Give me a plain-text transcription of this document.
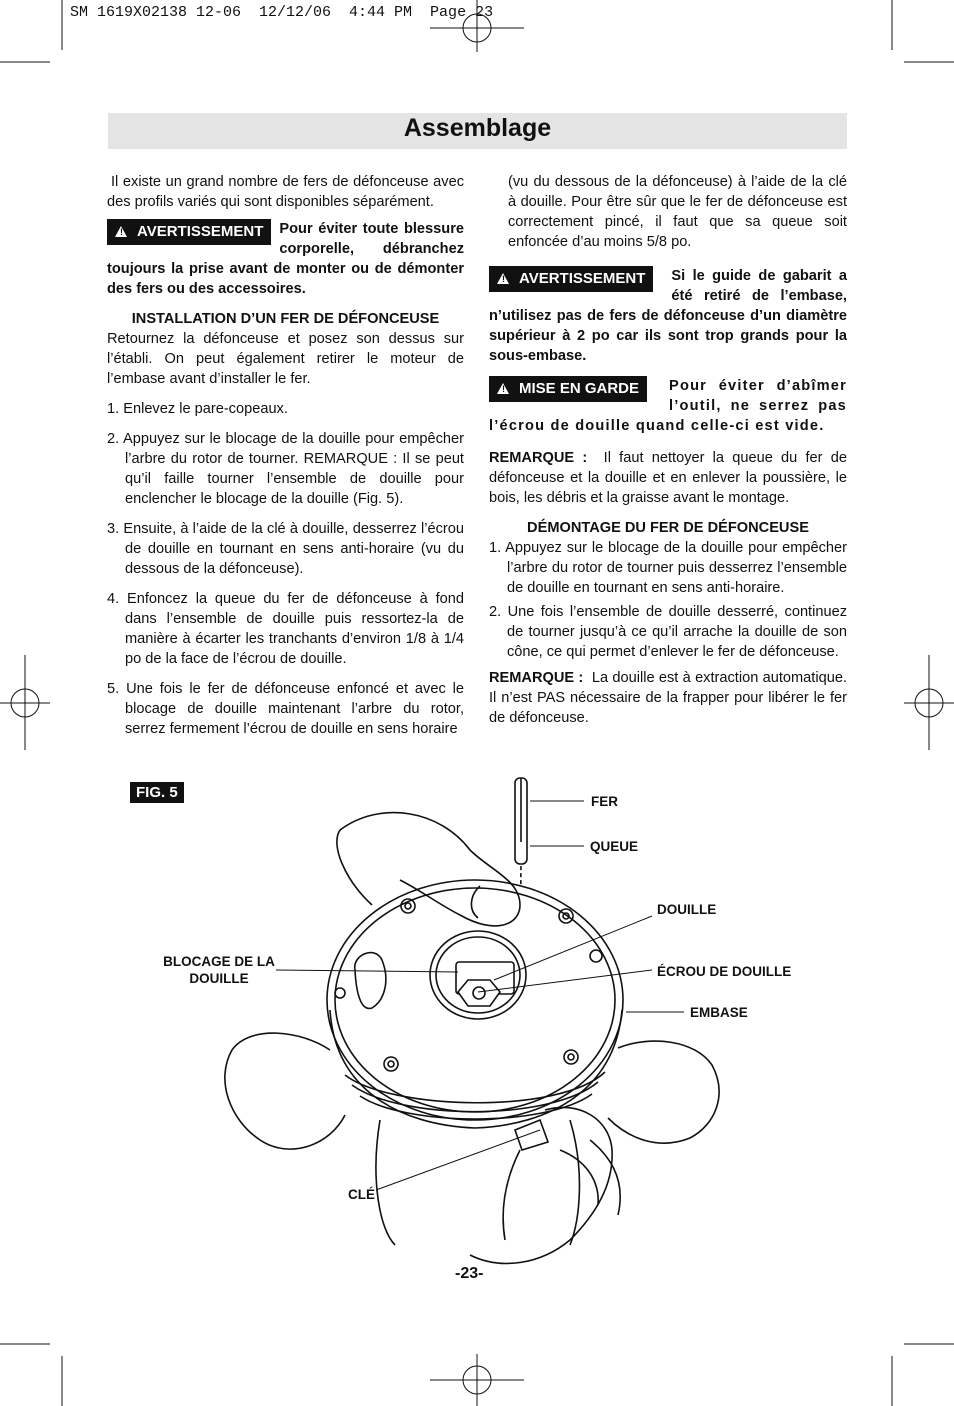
SM 1619X02138 12-06  12/12/06  4:44 PM  Page 23
Assemblage

Il existe un grand nombre de fers de défonceuse avec des profils variés qui sont disponibles séparément.

! AVERTISSEMENT	Pour éviter toute blessure corporelle, débranchez toujours la prise avant de monter ou de démonter des fers ou des accessoires.

INSTALLATION D’UN FER DE DÉFONCEUSE

Retournez la défonceuse et posez son dessus sur l’établi. On peut également retirer le moteur de l’embase avant d’installer le fer.

1. Enlevez le pare-copeaux.

2. Appuyez sur le blocage de la douille pour empêcher l’arbre du rotor de tourner. REMARQUE : Il se peut qu’il faille tourner l’ensemble de douille pour enclencher le blocage de la douille (Fig. 5).

3. Ensuite, à l’aide de la clé à douille, desserrez l’écrou de douille en tournant en sens anti-horaire (vu du dessous de la défonceuse).

4. Enfoncez la queue du fer de défonceuse à fond dans l’ensemble de douille puis ressortez-la de manière à écarter les tranchants d’environ 1/8 à 1/4 po de la face de l’écrou de douille.

5. Une fois le fer de défonceuse enfoncé et avec le blocage de douille maintenant l’arbre du rotor, serrez fermement l’écrou de douille en sens horaire

(vu du dessous de la défonceuse) à l’aide de la clé à douille. Pour être sûr que le fer de défonceuse est correctement pincé, il faut que sa queue soit enfoncée d’au moins 5/8 po.

! AVERTISSEMENT	Si le guide de gabarit a été retiré de l’embase, n’utilisez pas de fers de défonceuse d’un diamètre supérieur à 2 po car ils sont trop grands pour la sous-embase.
! MISE EN GARDE	Pour éviter d’abîmer l’outil, ne serrez pas l’écrou de douille quand celle-ci est vide.

REMARQUE : Il faut nettoyer la queue du fer de défonceuse et la douille et en enlever la poussière, le bois, les débris et la graisse avant le montage.

DÉMONTAGE DU FER DE DÉFONCEUSE

1. Appuyez sur le blocage de la douille pour empêcher l’arbre du rotor de tourner puis desserrez l’ensemble de douille en tournant en sens anti-horaire.

2. Une fois l’ensemble de douille desserré, continuez de tourner jusqu’à ce qu’il arrache la douille de son cône, ce qui permet d’enlever le fer de défonceuse.

REMARQUE : La douille est à extraction automatique. Il n’est PAS nécessaire de la frapper pour libérer le fer de défonceuse.

FIG. 5
FER
QUEUE
DOUILLE
BLOCAGE DE LA
DOUILLE	ÉCROU DE DOUILLE
EMBASE
CLÉ
-23-
